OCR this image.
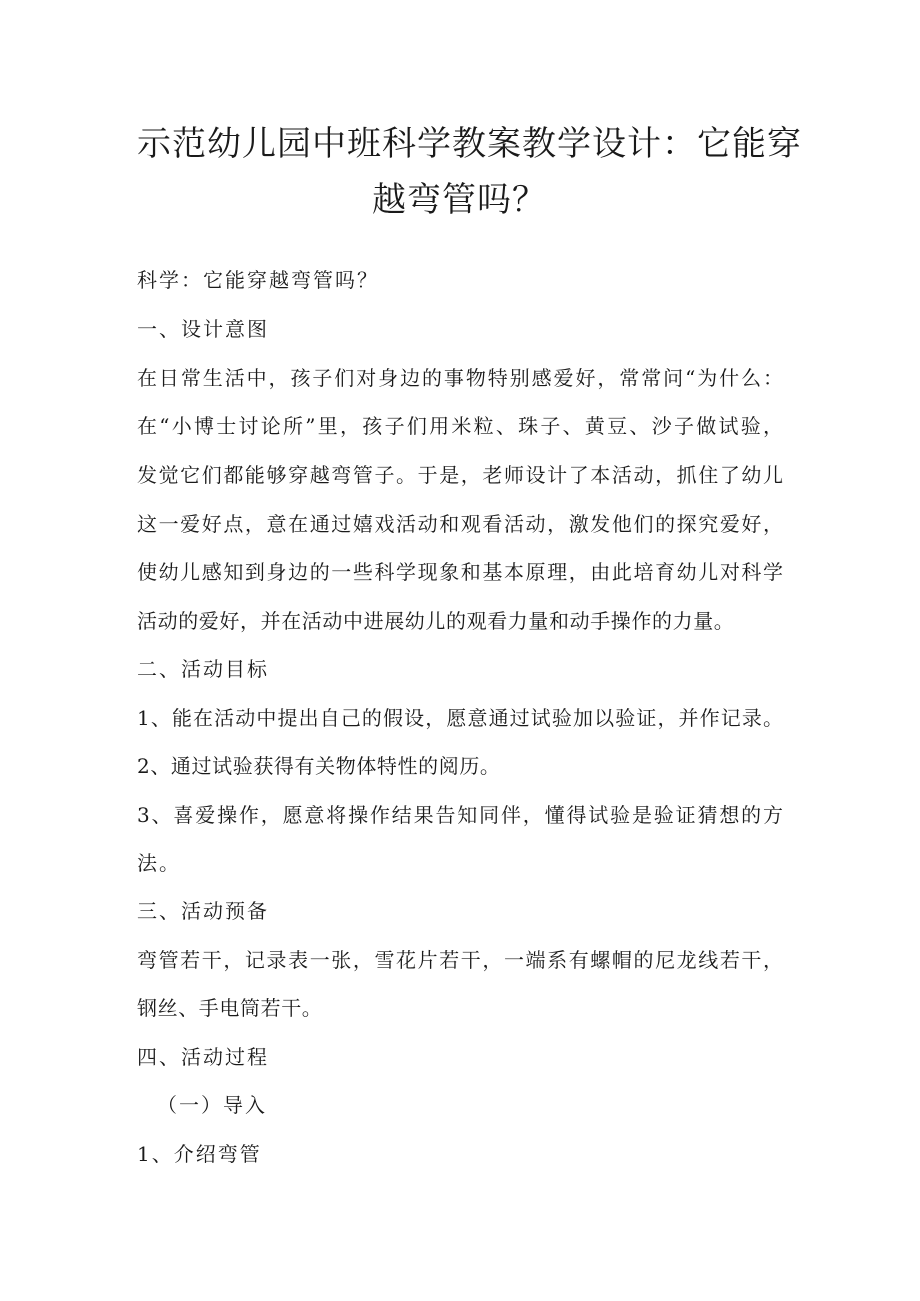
示范幼儿园中班科学教案教学设计：它能穿
越弯管吗？
科学：它能穿越弯管吗？
一、设计意图
在日常生活中，孩子们对身边的事物特别感爱好，常常问“为什么：
在“小博士讨论所”里，孩子们用米粒、珠子、黄豆、沙子做试验，
发觉它们都能够穿越弯管子。于是，老师设计了本活动，抓住了幼儿
这一爱好点，意在通过嬉戏活动和观看活动，激发他们的探究爱好，
使幼儿感知到身边的一些科学现象和基本原理，由此培育幼儿对科学
活动的爱好，并在活动中进展幼儿的观看力量和动手操作的力量。
二、活动目标
1、能在活动中提出自己的假设，愿意通过试验加以验证，并作记录。
2、通过试验获得有关物体特性的阅历。
3、喜爱操作，愿意将操作结果告知同伴，懂得试验是验证猜想的方
法。
三、活动预备
弯管若干，记录表一张，雪花片若干，一端系有螺帽的尼龙线若干，
钢丝、手电筒若干。
四、活动过程
（一）导入
1、介绍弯管
